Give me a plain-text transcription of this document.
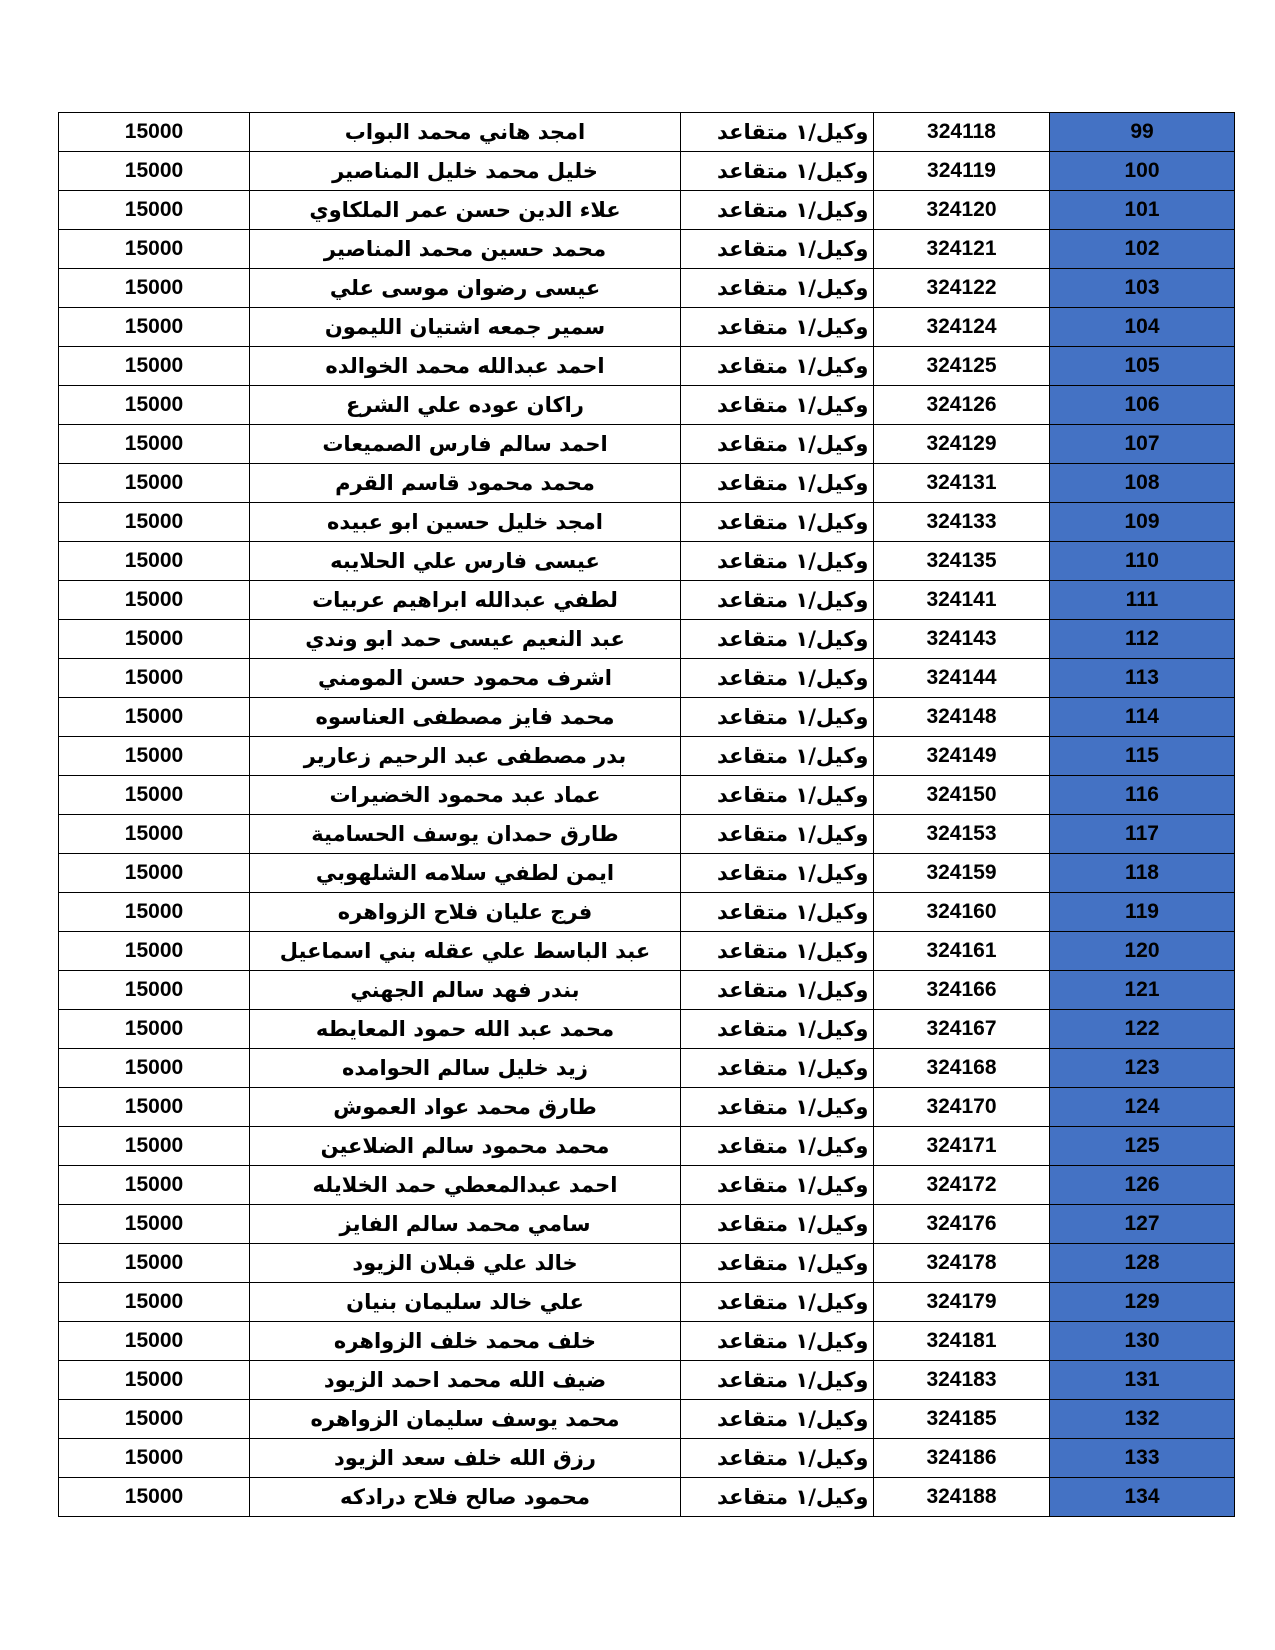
15000	امجد هاني محمد البواب	وكيل/١ متقاعد	324118	99
15000	خليل محمد خليل المناصير	وكيل/١ متقاعد	324119	100
15000	علاء الدين حسن عمر الملكاوي	وكيل/١ متقاعد	324120	101
15000	محمد حسين محمد المناصير	وكيل/١ متقاعد	324121	102
15000	عيسى رضوان موسى علي	وكيل/١ متقاعد	324122	103
15000	سمير جمعه اشتيان الليمون	وكيل/١ متقاعد	324124	104
15000	احمد عبدالله محمد الخوالده	وكيل/١ متقاعد	324125	105
15000	راكان عوده علي الشرع	وكيل/١ متقاعد	324126	106
15000	احمد سالم فارس الصميعات	وكيل/١ متقاعد	324129	107
15000	محمد محمود قاسم القرم	وكيل/١ متقاعد	324131	108
15000	امجد خليل حسين ابو عبيده	وكيل/١ متقاعد	324133	109
15000	عيسى فارس علي الحلايبه	وكيل/١ متقاعد	324135	110
15000	لطفي عبدالله ابراهيم عربيات	وكيل/١ متقاعد	324141	111
15000	عبد النعيم عيسى حمد ابو وندي	وكيل/١ متقاعد	324143	112
15000	اشرف محمود حسن المومني	وكيل/١ متقاعد	324144	113
15000	محمد فايز مصطفى العناسوه	وكيل/١ متقاعد	324148	114
15000	بدر مصطفى عبد الرحيم زعارير	وكيل/١ متقاعد	324149	115
15000	عماد عبد محمود الخضيرات	وكيل/١ متقاعد	324150	116
15000	طارق حمدان يوسف الحسامية	وكيل/١ متقاعد	324153	117
15000	ايمن لطفي سلامه الشلهوبي	وكيل/١ متقاعد	324159	118
15000	فرج عليان فلاح الزواهره	وكيل/١ متقاعد	324160	119
15000	عبد الباسط علي عقله بني اسماعيل	وكيل/١ متقاعد	324161	120
15000	بندر فهد سالم الجهني	وكيل/١ متقاعد	324166	121
15000	محمد عبد الله حمود المعايطه	وكيل/١ متقاعد	324167	122
15000	زيد خليل سالم الحوامده	وكيل/١ متقاعد	324168	123
15000	طارق محمد عواد العموش	وكيل/١ متقاعد	324170	124
15000	محمد محمود سالم الضلاعين	وكيل/١ متقاعد	324171	125
15000	احمد عبدالمعطي حمد الخلايله	وكيل/١ متقاعد	324172	126
15000	سامي محمد سالم الفايز	وكيل/١ متقاعد	324176	127
15000	خالد علي قبلان الزيود	وكيل/١ متقاعد	324178	128
15000	علي خالد سليمان بنيان	وكيل/١ متقاعد	324179	129
15000	خلف محمد خلف الزواهره	وكيل/١ متقاعد	324181	130
15000	ضيف الله محمد احمد الزيود	وكيل/١ متقاعد	324183	131
15000	محمد يوسف سليمان الزواهره	وكيل/١ متقاعد	324185	132
15000	رزق الله خلف سعد الزيود	وكيل/١ متقاعد	324186	133
15000	محمود صالح فلاح درادكه	وكيل/١ متقاعد	324188	134
